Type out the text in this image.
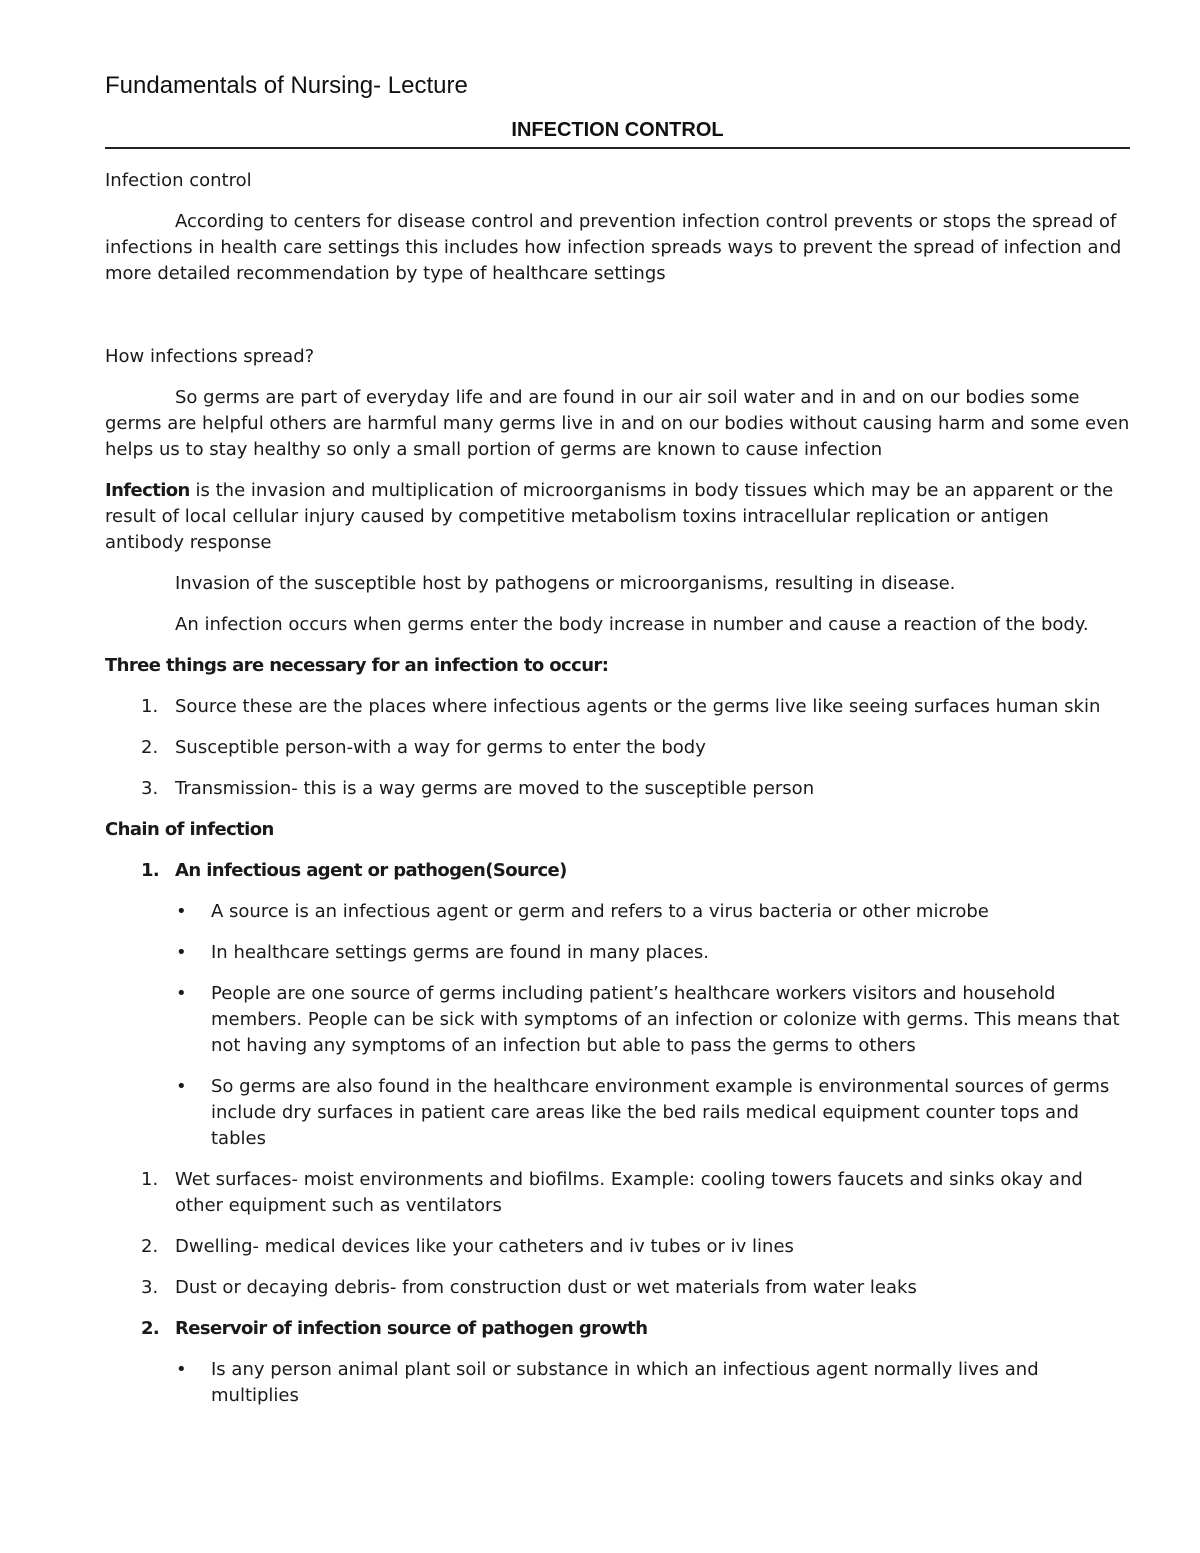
Fundamentals of Nursing- Lecture
INFECTION CONTROL

Infection control

According to centers for disease control and prevention infection control prevents or stops the spread of infections in health care settings this includes how infection spreads ways to prevent the spread of infection and more detailed recommendation by type of healthcare settings

How infections spread?

So germs are part of everyday life and are found in our air soil water and in and on our bodies some germs are helpful others are harmful many germs live in and on our bodies without causing harm and some even helps us to stay healthy so only a small portion of germs are known to cause infection

Infection is the invasion and multiplication of microorganisms in body tissues which may be an apparent or the result of local cellular injury caused by competitive metabolism toxins intracellular replication or antigen antibody response

Invasion of the susceptible host by pathogens or microorganisms, resulting in disease.

An infection occurs when germs enter the body increase in number and cause a reaction of the body.

Three things are necessary for an infection to occur:

1. Source these are the places where infectious agents or the germs live like seeing surfaces human skin
2. Susceptible person-with a way for germs to enter the body
3. Transmission- this is a way germs are moved to the susceptible person

Chain of infection

1. An infectious agent or pathogen(Source)
• A source is an infectious agent or germ and refers to a virus bacteria or other microbe
• In healthcare settings germs are found in many places.
• People are one source of germs including patient’s healthcare workers visitors and household members. People can be sick with symptoms of an infection or colonize with germs. This means that not having any symptoms of an infection but able to pass the germs to others
• So germs are also found in the healthcare environment example is environmental sources of germs include dry surfaces in patient care areas like the bed rails medical equipment counter tops and tables
1. Wet surfaces- moist environments and biofilms. Example: cooling towers faucets and sinks okay and other equipment such as ventilators
2. Dwelling- medical devices like your catheters and iv tubes or iv lines
3. Dust or decaying debris- from construction dust or wet materials from water leaks
2. Reservoir of infection source of pathogen growth
• Is any person animal plant soil or substance in which an infectious agent normally lives and multiplies
